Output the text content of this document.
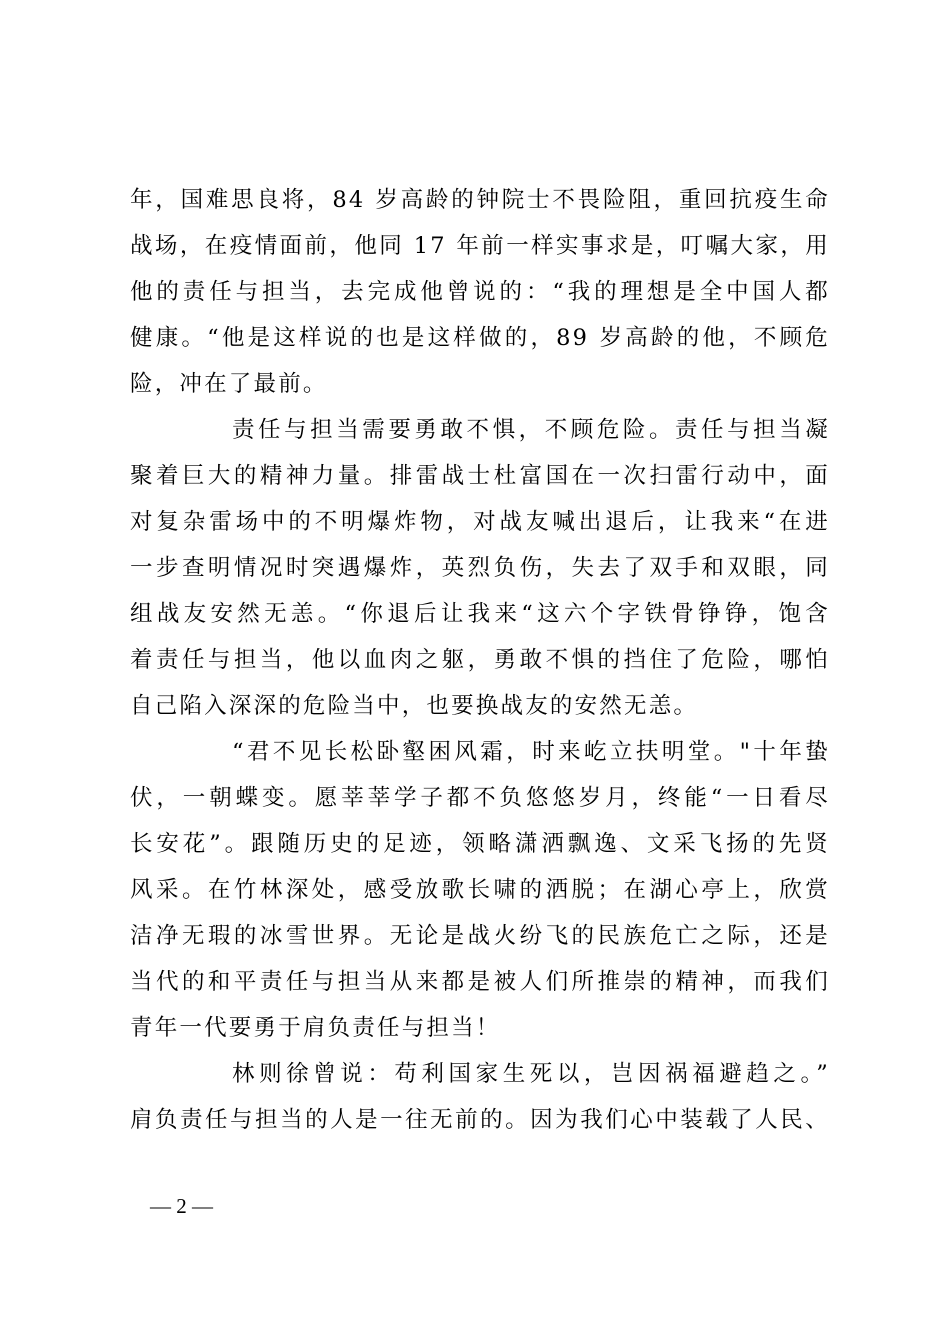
年，国难思良将，84 岁高龄的钟院士不畏险阻，重回抗疫生命
战场，在疫情面前，他同 17 年前一样实事求是，叮嘱大家，用
他的责任与担当，去完成他曾说的：“我的理想是全中国人都
健康。“他是这样说的也是这样做的，89 岁高龄的他，不顾危
险，冲在了最前。
责任与担当需要勇敢不惧，不顾危险。责任与担当凝
聚着巨大的精神力量。排雷战士杜富国在一次扫雷行动中，面
对复杂雷场中的不明爆炸物，对战友喊出退后，让我来“在进
一步查明情况时突遇爆炸，英烈负伤，失去了双手和双眼，同
组战友安然无恙。“你退后让我来“这六个字铁骨铮铮，饱含
着责任与担当，他以血肉之躯，勇敢不惧的挡住了危险，哪怕
自己陷入深深的危险当中，也要换战友的安然无恙。
“君不见长松卧壑困风霜，时来屹立扶明堂。"十年蛰
伏，一朝蝶变。愿莘莘学子都不负悠悠岁月，终能“一日看尽
长安花”。跟随历史的足迹，领略潇洒飘逸、文采飞扬的先贤
风采。在竹林深处，感受放歌长啸的洒脱；在湖心亭上，欣赏
洁净无瑕的冰雪世界。无论是战火纷飞的民族危亡之际，还是
当代的和平责任与担当从来都是被人们所推崇的精神，而我们
青年一代要勇于肩负责任与担当！
林则徐曾说：苟利国家生死以，岂因祸福避趋之。”
肩负责任与担当的人是一往无前的。因为我们心中装载了人民、
— 2 —
